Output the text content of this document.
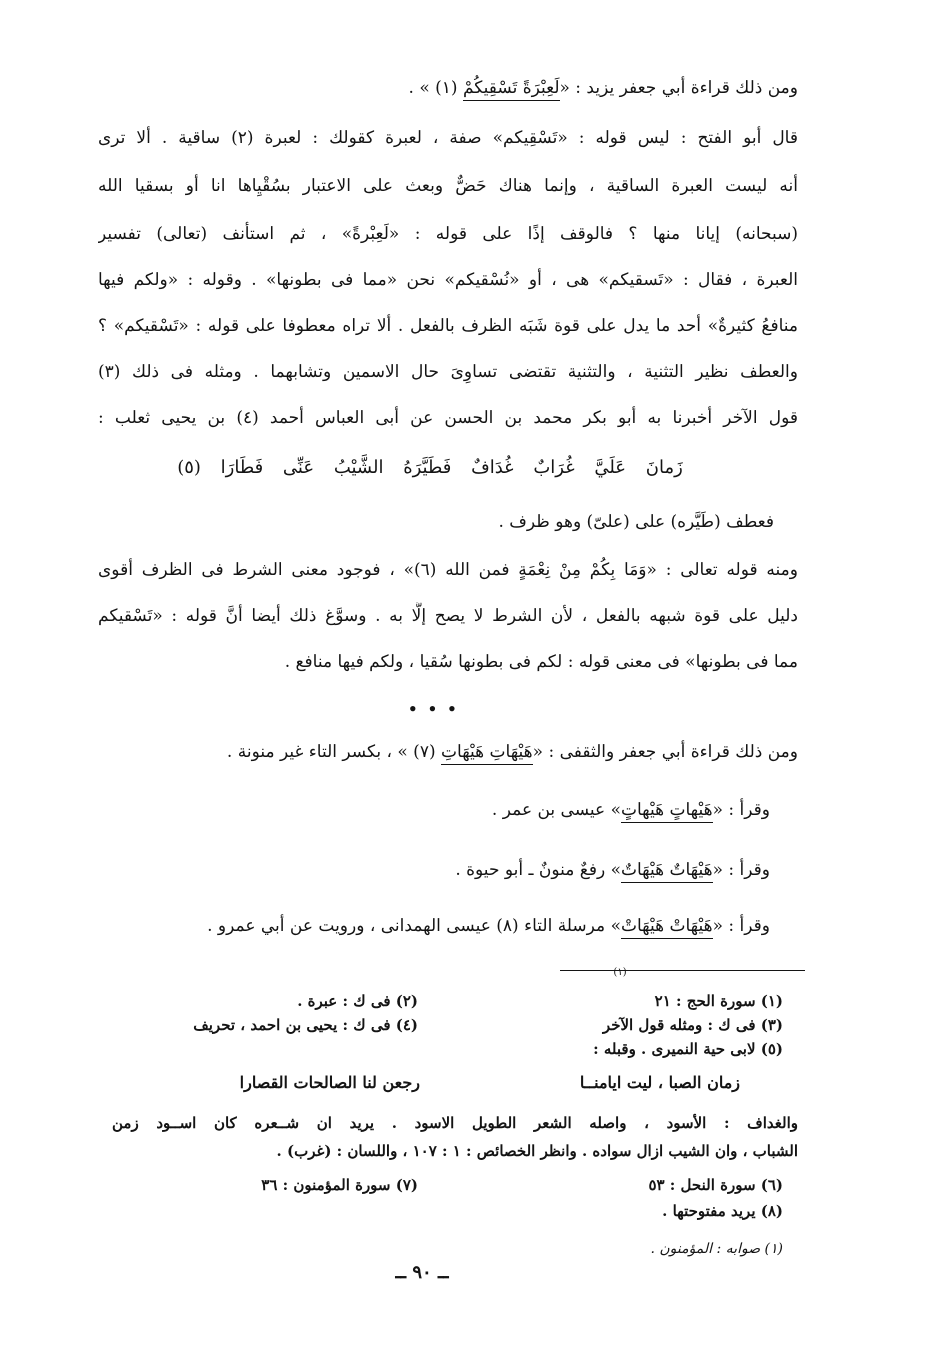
ومن ذلك قراءة أبي جعفر يزيد : «لَعِبْرَةً تَسْقِيكُمْ (١) » .
قال أبو الفتح : ليس قوله : «تَسْقِيكم» صفة ، لعبرة كقولك : لعبرة (٢) ساقية . ألا ترى
أنه ليست العبرة الساقية ، وإنما هناك حَضٌّ وبعث على الاعتبار بسُقْيِاها انا أو بسقيا الله
(سبحانه) إيانا منها ؟ فالوقف إذًا على قوله : «لَعِبْرةً» ، ثم استأنف (تعالى) تفسير
العبرة ، فقال : «تَسقيكم» هى ، أو «نُسْقيكم» نحن «مما فى بطونها» . وقوله : «ولكم فيها
منافعُ كثيرةٌ» أحد ما يدل على قوة شَبَه الظرف بالفعل . ألا تراه معطوفا على قوله : «تَسْقيكم» ؟
والعطف نظير التثنية ، والتثنية تقتضى تساوِىَ حال الاسمين وتشابهما . ومثله فى ذلك (٣)
قول الآخر أخبرنا به أبو بكر محمد بن الحسن عن أبى العباس أحمد (٤) بن يحيى ثعلب :
زَمانَ عَلَيَّ غُرَابٌ غُدَافٌ فَطَيَّرَهُ الشَّيْبُ عَنِّى فَطَارَا (٥)
فعطف (طَيَّره) على (علىّ) وهو ظرف .
ومنه قوله تعالى : «وَمَا بِكُمْ مِنْ نِعْمَةٍ فمن الله (٦)» ، فوجود معنى الشرط فى الظرف أقوى
دليل على قوة شبهه بالفعل ، لأن الشرط لا يصح إلَّا به . وسوَّغ ذلك أيضا أنَّ قوله : «تَسْقيكم
مما فى بطونها» فى معنى قوله : لكم فى بطونها سُقيا ، ولكم فيها منافع .
•••
ومن ذلك قراءة أبي جعفر والثقفى : «هَيْهَاتِ هَيْهَاتِ (٧) » ، بكسر التاء غير منونة .
وقرأ : «هَيْهاتٍ هَيْهاتٍ» عيسى بن عمر .
وقرأ : «هَيْهَاتٌ هَيْهَاتٌ» رفعٌ منونٌ ـ أبو حيوة .
وقرأ : «هَيْهَاتْ هَيْهَاتْ» مرسلة التاء (٨) عيسى الهمدانى ، ورويت عن أبي عمرو .
(١)
(١) سورة الحج : ٢١
(٢) فى ك : عبرة .
(٣) فى ك : ومثله قول الآخر
(٤) فى ك : يحيى بن احمد ، تحريف
(٥) لابى حية النميرى . وقبله :
زمان الصبا ، ليت ايامنــا
رجعن لنا الصالحات القصارا
والغداف : الأسود ، واصله الشعر الطويل الاسود . يريد ان شــعره كان اســود زمن
الشباب ، وان الشيب ازال سواده . وانظر الخصائص : ١ : ١٠٧ ، واللسان : (غرب) .
(٦) سورة النحل : ٥٣
(٧) سورة المؤمنون : ٣٦
(٨) يريد مفتوحتها .
(١) صوابه : المؤمنون .
ــ ٩٠ ــ
